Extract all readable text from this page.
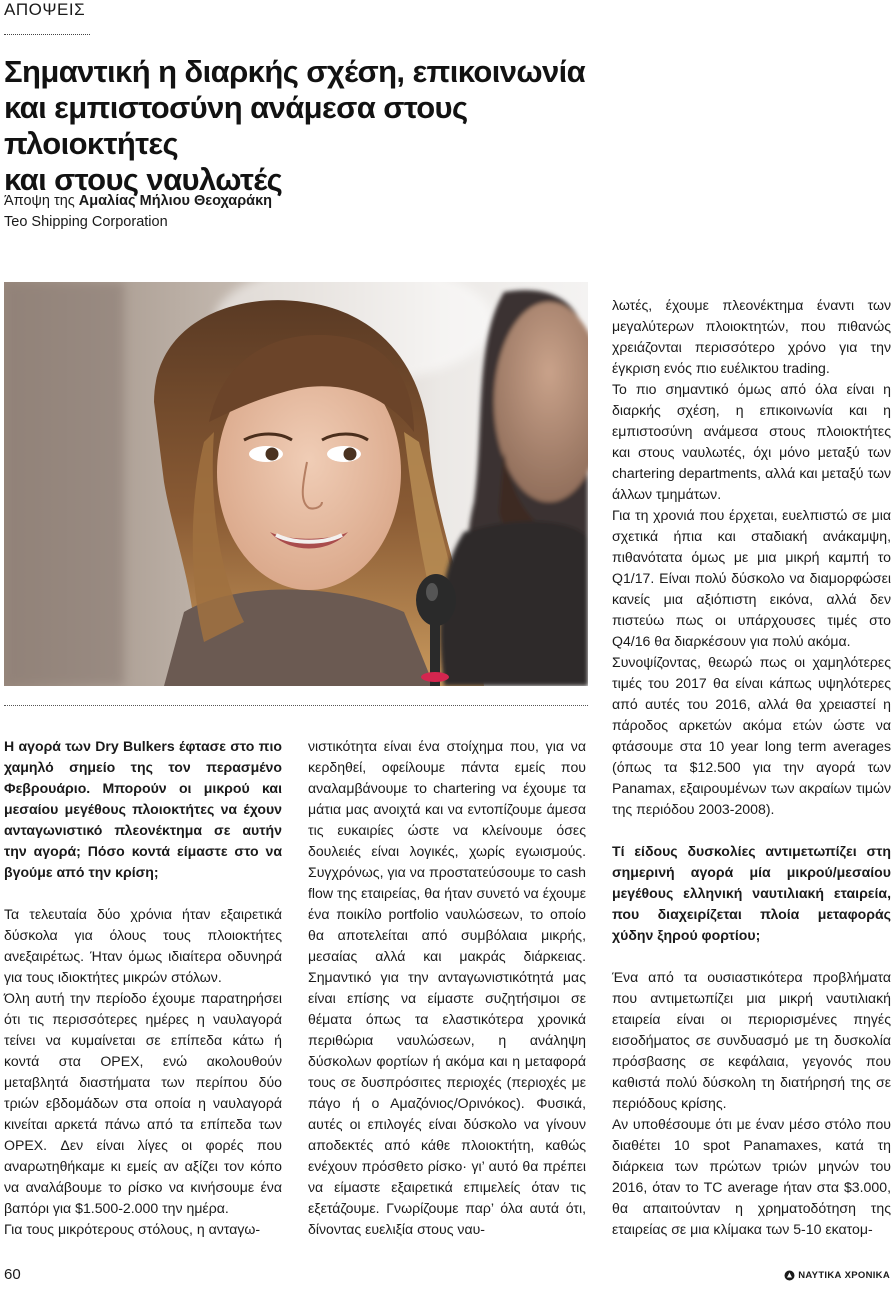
ΑΠΟΨΕΙΣ
Σημαντική η διαρκής σχέση, επικοινωνία
και εμπιστοσύνη ανάμεσα στους πλοιοκτήτες
και στους ναυλωτές
Άποψη της Αμαλίας Μήλιου Θεοχαράκη
Teo Shipping Corporation

Η αγορά των Dry Bulkers έφτασε στο πιο χαμηλό σημείο της τον περασμένο Φεβρουάριο. Μπορούν οι μικρού και μεσαίου μεγέθους πλοιοκτήτες να έχουν ανταγωνιστικό πλεονέκτημα σε αυτήν την αγορά; Πόσο κοντά είμαστε στο να βγούμε από την κρίση;

Τα τελευταία δύο χρόνια ήταν εξαιρετικά δύσκολα για όλους τους πλοιοκτήτες ανεξαιρέτως. Ήταν όμως ιδιαίτερα οδυνηρά για τους ιδιοκτήτες μικρών στόλων.

Όλη αυτή την περίοδο έχουμε παρατηρήσει ότι τις περισσότερες ημέρες η ναυλαγορά τείνει να κυμαίνεται σε επίπεδα κάτω ή κοντά στα OPEX, ενώ ακολουθούν μεταβλητά διαστήματα των περίπου δύο τριών εβδομάδων στα οποία η ναυλαγορά κινείται αρκετά πάνω από τα επίπεδα των OPEX. Δεν είναι λίγες οι φορές που αναρωτηθήκαμε κι εμείς αν αξίζει τον κόπο να αναλάβουμε το ρίσκο να κινήσουμε ένα βαπόρι για $1.500-2.000 την ημέρα.

Για τους μικρότερους στόλους, η ανταγω-

νιστικότητα είναι ένα στοίχημα που, για να κερδηθεί, οφείλουμε πάντα εμείς που αναλαμβάνουμε το chartering να έχουμε τα μάτια μας ανοιχτά και να εντοπίζουμε άμεσα τις ευκαιρίες ώστε να κλείνουμε όσες δουλειές είναι λογικές, χωρίς εγωισμούς. Συγχρόνως, για να προστατεύσουμε το cash flow της εταιρείας, θα ήταν συνετό να έχουμε ένα ποικίλο portfolio ναυλώσεων, το οποίο θα αποτελείται από συμβόλαια μικρής, μεσαίας αλλά και μακράς διάρκειας. Σημαντικό για την ανταγωνιστικότητά μας είναι επίσης να είμαστε συζητήσιμοι σε θέματα όπως τα ελαστικότερα χρονικά περιθώρια ναυλώσεων, η ανάληψη δύσκολων φορτίων ή ακόμα και η μεταφορά τους σε δυσπρόσιτες περιοχές (περιοχές με πάγο ή ο Αμαζόνιος/Ορινόκος). Φυσικά, αυτές οι επιλογές είναι δύσκολο να γίνουν αποδεκτές από κάθε πλοιοκτήτη, καθώς ενέχουν πρόσθετο ρίσκο· γι’ αυτό θα πρέπει να είμαστε εξαιρετικά επιμελείς όταν τις εξετάζουμε. Γνωρίζουμε παρ’ όλα αυτά ότι, δίνοντας ευελιξία στους ναυ-

λωτές, έχουμε πλεονέκτημα έναντι των μεγαλύτερων πλοιοκτητών, που πιθανώς χρειάζονται περισσότερο χρόνο για την έγκριση ενός πιο ευέλικτου trading.

Το πιο σημαντικό όμως από όλα είναι η διαρκής σχέση, η επικοινωνία και η εμπιστοσύνη ανάμεσα στους πλοιοκτήτες και στους ναυλωτές, όχι μόνο μεταξύ των chartering departments, αλλά και μεταξύ των άλλων τμημάτων.

Για τη χρονιά που έρχεται, ευελπιστώ σε μια σχετικά ήπια και σταδιακή ανάκαμψη, πιθανότατα όμως με μια μικρή καμπή το Q1/17. Είναι πολύ δύσκολο να διαμορφώσει κανείς μια αξιόπιστη εικόνα, αλλά δεν πιστεύω πως οι υπάρχουσες τιμές στο Q4/16 θα διαρκέσουν για πολύ ακόμα.

Συνοψίζοντας, θεωρώ πως οι χαμηλότερες τιμές του 2017 θα είναι κάπως υψηλότερες από αυτές του 2016, αλλά θα χρειαστεί η πάροδος αρκετών ακόμα ετών ώστε να φτάσουμε στα 10 year long term averages (όπως τα $12.500 για την αγορά των Panamax, εξαιρουμένων των ακραίων τιμών της περιόδου 2003-2008).

Τί είδους δυσκολίες αντιμετωπίζει στη σημερινή αγορά μία μικρού/μεσαίου μεγέθους ελληνική ναυτιλιακή εταιρεία, που διαχειρίζεται πλοία μεταφοράς χύδην ξηρού φορτίου;

Ένα από τα ουσιαστικότερα προβλήματα που αντιμετωπίζει μια μικρή ναυτιλιακή εταιρεία είναι οι περιορισμένες πηγές εισοδήματος σε συνδυασμό με τη δυσκολία πρόσβασης σε κεφάλαια, γεγονός που καθιστά πολύ δύσκολη τη διατήρησή της σε περιόδους κρίσης.

Αν υποθέσουμε ότι με έναν μέσο στόλο που διαθέτει 10 spot Panamaxes, κατά τη διάρκεια των πρώτων τριών μηνών του 2016, όταν το TC average ήταν στα $3.000, θα απαιτούνταν η χρηματοδότηση της εταιρείας σε μια κλίμακα των 5-10 εκατομ-

60	ΝΑΥΤΙΚΑ ΧΡΟΝΙΚΑ
